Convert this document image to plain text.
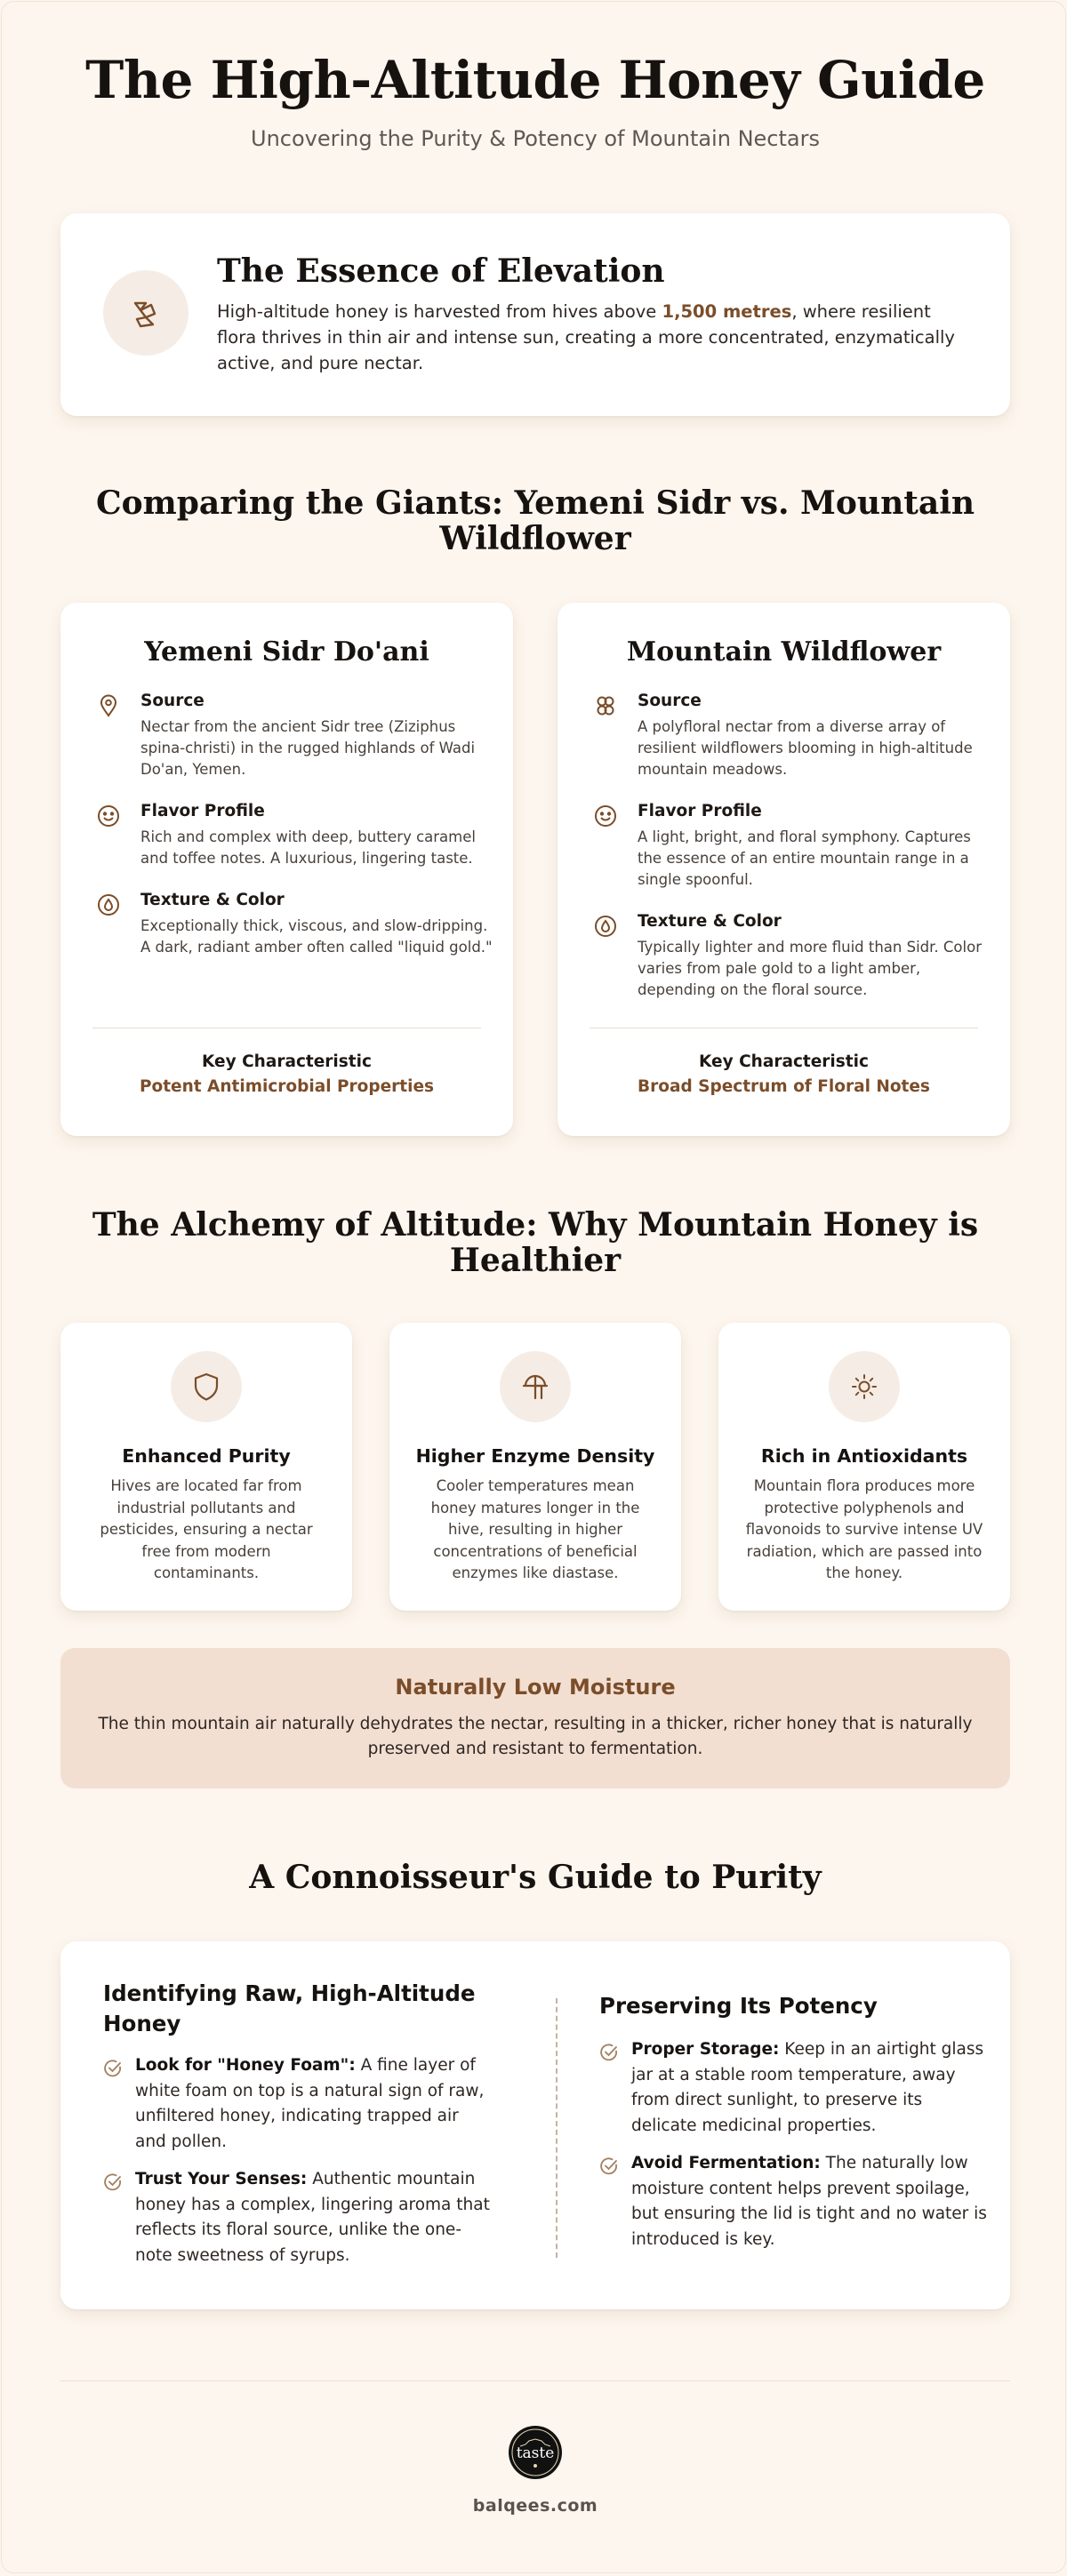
The High-Altitude Honey Guide
Uncovering the Purity & Potency of Mountain Nectars
The Essence of Elevation
High-altitude honey is harvested from hives above 1,500 metres, where resilient flora thrives in thin air and intense sun, creating a more concentrated, enzymatically active, and pure nectar.
Comparing the Giants: Yemeni Sidr vs. Mountain Wildflower
Yemeni Sidr Do'ani
Source
Nectar from the ancient Sidr tree (Ziziphus spina-christi) in the rugged highlands of Wadi Do'an, Yemen.
Flavor Profile
Rich and complex with deep, buttery caramel and toffee notes. A luxurious, lingering taste.
Texture & Color
Exceptionally thick, viscous, and slow-dripping. A dark, radiant amber often called "liquid gold."
Key Characteristic
Potent Antimicrobial Properties
Mountain Wildflower
Source
A polyfloral nectar from a diverse array of resilient wildflowers blooming in high-altitude mountain meadows.
Flavor Profile
A light, bright, and floral symphony. Captures the essence of an entire mountain range in a single spoonful.
Texture & Color
Typically lighter and more fluid than Sidr. Color varies from pale gold to a light amber, depending on the floral source.
Key Characteristic
Broad Spectrum of Floral Notes
The Alchemy of Altitude: Why Mountain Honey is Healthier
Enhanced Purity
Hives are located far from industrial pollutants and pesticides, ensuring a nectar free from modern contaminants.
Higher Enzyme Density
Cooler temperatures mean honey matures longer in the hive, resulting in higher concentrations of beneficial enzymes like diastase.
Rich in Antioxidants
Mountain flora produces more protective polyphenols and flavonoids to survive intense UV radiation, which are passed into the honey.
Naturally Low Moisture
The thin mountain air naturally dehydrates the nectar, resulting in a thicker, richer honey that is naturally preserved and resistant to fermentation.
A Connoisseur's Guide to Purity
Identifying Raw, High-Altitude Honey
Look for "Honey Foam": A fine layer of white foam on top is a natural sign of raw, unfiltered honey, indicating trapped air and pollen.
Trust Your Senses: Authentic mountain honey has a complex, lingering aroma that reflects its floral source, unlike the one-note sweetness of syrups.
Preserving Its Potency
Proper Storage: Keep in an airtight glass jar at a stable room temperature, away from direct sunlight, to preserve its delicate medicinal properties.
Avoid Fermentation: The naturally low moisture content helps prevent spoilage, but ensuring the lid is tight and no water is introduced is key.
taste
balqees.com
